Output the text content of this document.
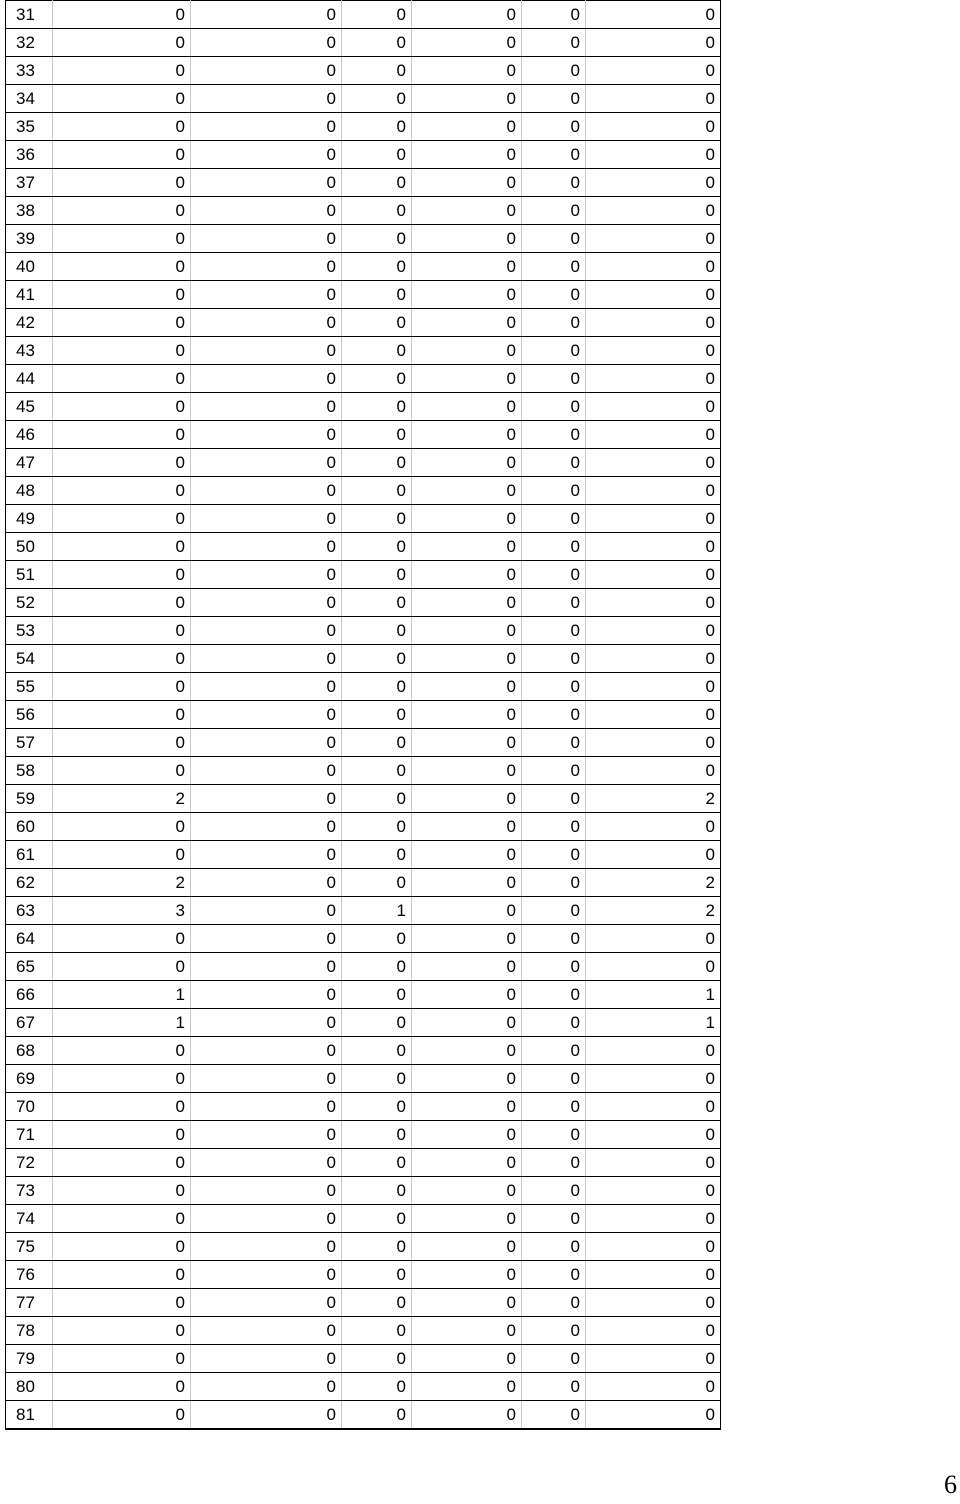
31	0	0	0	0	0	0
32	0	0	0	0	0	0
33	0	0	0	0	0	0
34	0	0	0	0	0	0
35	0	0	0	0	0	0
36	0	0	0	0	0	0
37	0	0	0	0	0	0
38	0	0	0	0	0	0
39	0	0	0	0	0	0
40	0	0	0	0	0	0
41	0	0	0	0	0	0
42	0	0	0	0	0	0
43	0	0	0	0	0	0
44	0	0	0	0	0	0
45	0	0	0	0	0	0
46	0	0	0	0	0	0
47	0	0	0	0	0	0
48	0	0	0	0	0	0
49	0	0	0	0	0	0
50	0	0	0	0	0	0
51	0	0	0	0	0	0
52	0	0	0	0	0	0
53	0	0	0	0	0	0
54	0	0	0	0	0	0
55	0	0	0	0	0	0
56	0	0	0	0	0	0
57	0	0	0	0	0	0
58	0	0	0	0	0	0
59	2	0	0	0	0	2
60	0	0	0	0	0	0
61	0	0	0	0	0	0
62	2	0	0	0	0	2
63	3	0	1	0	0	2
64	0	0	0	0	0	0
65	0	0	0	0	0	0
66	1	0	0	0	0	1
67	1	0	0	0	0	1
68	0	0	0	0	0	0
69	0	0	0	0	0	0
70	0	0	0	0	0	0
71	0	0	0	0	0	0
72	0	0	0	0	0	0
73	0	0	0	0	0	0
74	0	0	0	0	0	0
75	0	0	0	0	0	0
76	0	0	0	0	0	0
77	0	0	0	0	0	0
78	0	0	0	0	0	0
79	0	0	0	0	0	0
80	0	0	0	0	0	0
81	0	0	0	0	0	0
6
